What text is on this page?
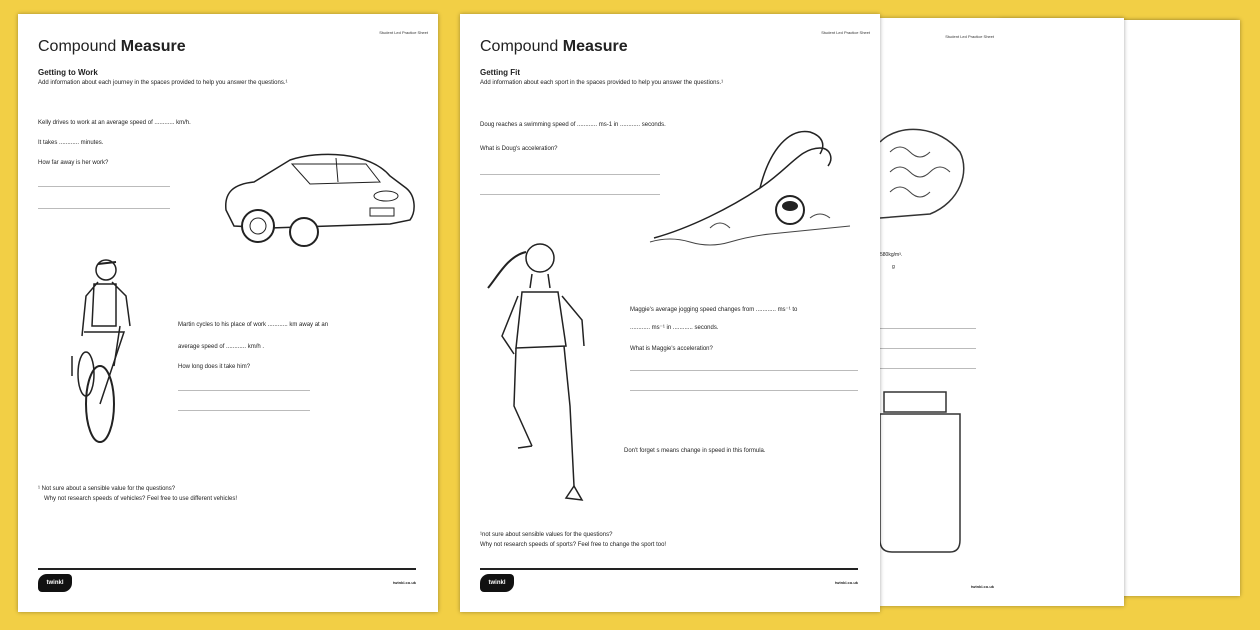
Student Led Practice Sheet
580kg/m³.
g
twinkl.co.uk
Student Led Practice Sheet
Compound Measure
Getting to Work
Add information about each journey in the spaces provided to help you answer the questions.¹
Kelly drives to work at an average speed of ............ km/h.
It takes ............ minutes.
How far away is her work?
Martin cycles to his place of work ............ km away at an
average speed of ............ km/h .
How long does it take him?
¹ Not sure about a sensible value for the questions?
Why not research speeds of vehicles? Feel free to use different vehicles!
twinkl	twinkl.co.uk
Student Led Practice Sheet
Compound Measure
Getting Fit
Add information about each sport in the spaces provided to help you answer the questions.¹
Doug reaches a swimming speed of ............ ms-1 in ............ seconds.
What is Doug's acceleration?
Maggie's average jogging speed changes from ............ ms⁻¹ to
............ ms⁻¹ in ............ seconds.
What is Maggie's acceleration?
Don't forget s means change in speed in this formula.
¹not sure about sensible values for the questions?
Why not research speeds of sports? Feel free to change the sport too!
twinkl	twinkl.co.uk
